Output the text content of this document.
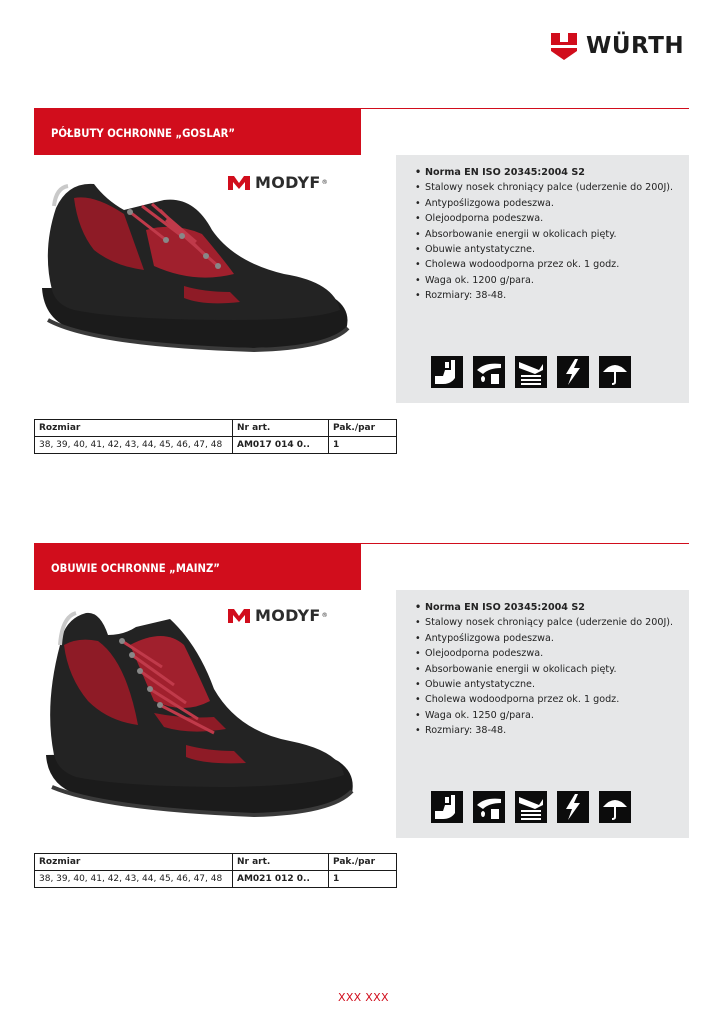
WÜRTH
PÓŁBUTY OCHRONNE „GOSLAR”
MODYF ®
• Norma EN ISO 20345:2004 S2
• Stalowy nosek chroniący palce (uderzenie do 200J).
• Antypoślizgowa podeszwa.
• Olejoodporna podeszwa.
• Absorbowanie energii w okolicach pięty.
• Obuwie antystatyczne.
• Cholewa wodoodporna przez ok. 1 godz.
• Waga ok. 1200 g/para.
• Rozmiary: 38-48.
Rozmiar	Nr art.	Pak./par
38, 39, 40, 41, 42, 43, 44, 45, 46, 47, 48	AM017 014 0..	1
OBUWIE OCHRONNE „MAINZ”
MODYF ®
• Norma EN ISO 20345:2004 S2
• Stalowy nosek chroniący palce (uderzenie do 200J).
• Antypoślizgowa podeszwa.
• Olejoodporna podeszwa.
• Absorbowanie energii w okolicach pięty.
• Obuwie antystatyczne.
• Cholewa wodoodporna przez ok. 1 godz.
• Waga ok. 1250 g/para.
• Rozmiary: 38-48.
Rozmiar	Nr art.	Pak./par
38, 39, 40, 41, 42, 43, 44, 45, 46, 47, 48	AM021 012 0..	1
XXX XXX
